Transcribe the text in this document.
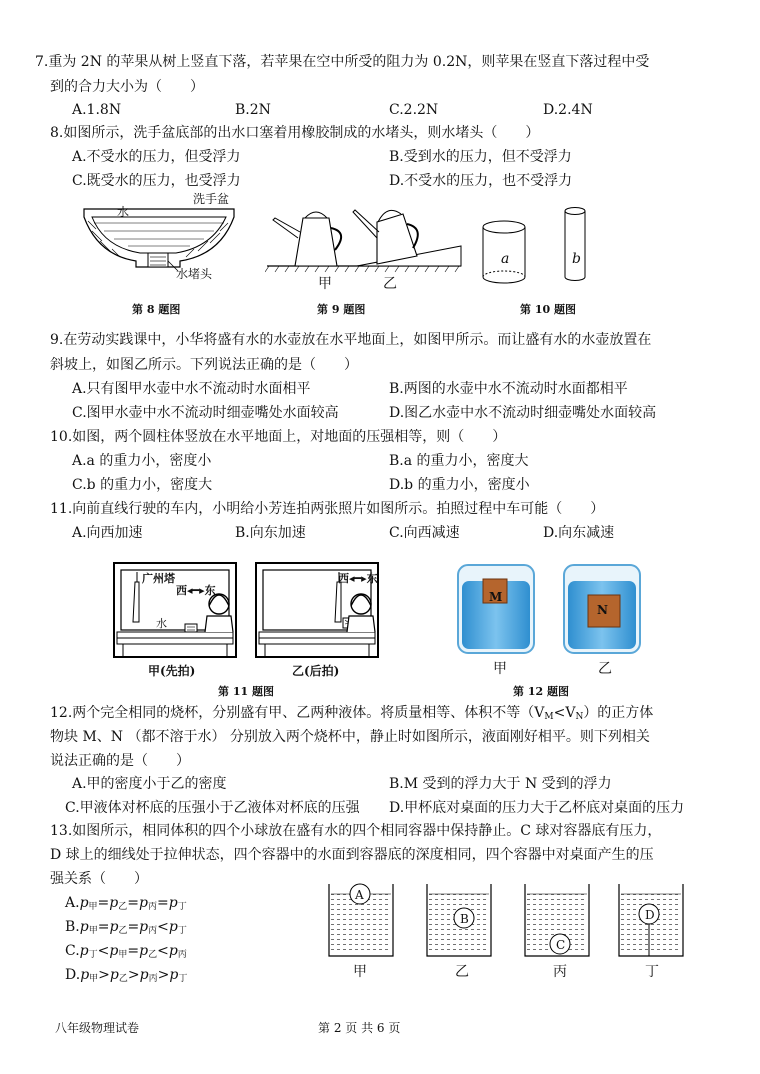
7.重为 2N 的苹果从树上竖直下落，若苹果在空中所受的阻力为 0.2N，则苹果在竖直下落过程中受
到的合力大小为（　　）
A.1.8N	B.2N	C.2.2N	D.2.4N
8.如图所示，洗手盆底部的出水口塞着用橡胶制成的水堵头，则水堵头（　　）
A.不受水的压力，但受浮力	B.受到水的压力，但不受浮力
C.既受水的压力，也受浮力	D.不受水的压力，也不受浮力
水
洗手盆
水堵头
第 8 题图
甲	乙
第 9 题图
a	b
第 10 题图
9.在劳动实践课中，小华将盛有水的水壶放在水平地面上，如图甲所示。而让盛有水的水壶放置在
斜坡上，如图乙所示。下列说法正确的是（　　）
A.只有图甲水壶中水不流动时水面相平	B.两图的水壶中水不流动时水面都相平
C.图甲水壶中水不流动时细壶嘴处水面较高	D.图乙水壶中水不流动时细壶嘴处水面较高
10.如图，两个圆柱体竖放在水平地面上，对地面的压强相等，则（　　）
A.a 的重力小，密度小	B.a 的重力小，密度大
C.b 的重力小，密度大	D.b 的重力小，密度小
11.向前直线行驶的车内，小明给小芳连拍两张照片如图所示。拍照过程中车可能（　　）
A.向西加速	B.向东加速	C.向西减速	D.向东减速
广州塔
西◂━▸东
水
甲(先拍)
西◂━▸东
乙(后拍)
第 11 题图
M
N
甲	乙
第 12 题图
12.两个完全相同的烧杯，分别盛有甲、乙两种液体。将质量相等、体积不等$(V_M<V_N)$的正方体
物块 M、N （都不溶于水） 分别放入两个烧杯中，静止时如图所示，液面刚好相平。则下列相关
说法正确的是（　　）
A.甲的密度小于乙的密度	B.M 受到的浮力大于 N 受到的浮力
C.甲液体对杯底的压强小于乙液体对杯底的压强 D.甲杯底对桌面的压力大于乙杯底对桌面的压力
13.如图所示，相同体积的四个小球放在盛有水的四个相同容器中保持静止。C 球对容器底有压力，
D 球上的细线处于拉伸状态，四个容器中的水面到容器底的深度相同，四个容器中对桌面产生的压
强关系（　　）
$A.p_甲=p_乙=p_丙=p_丁$
$B.p_甲=p_乙=p_丙<p_丁$
$C.p_丁<p_甲=p_乙<p_丙$
$D.p_甲>p_乙>p_丙>p_丁$
A
B
C
D
甲	乙	丙	丁
八年级物理试卷	第 2 页 共 6 页
